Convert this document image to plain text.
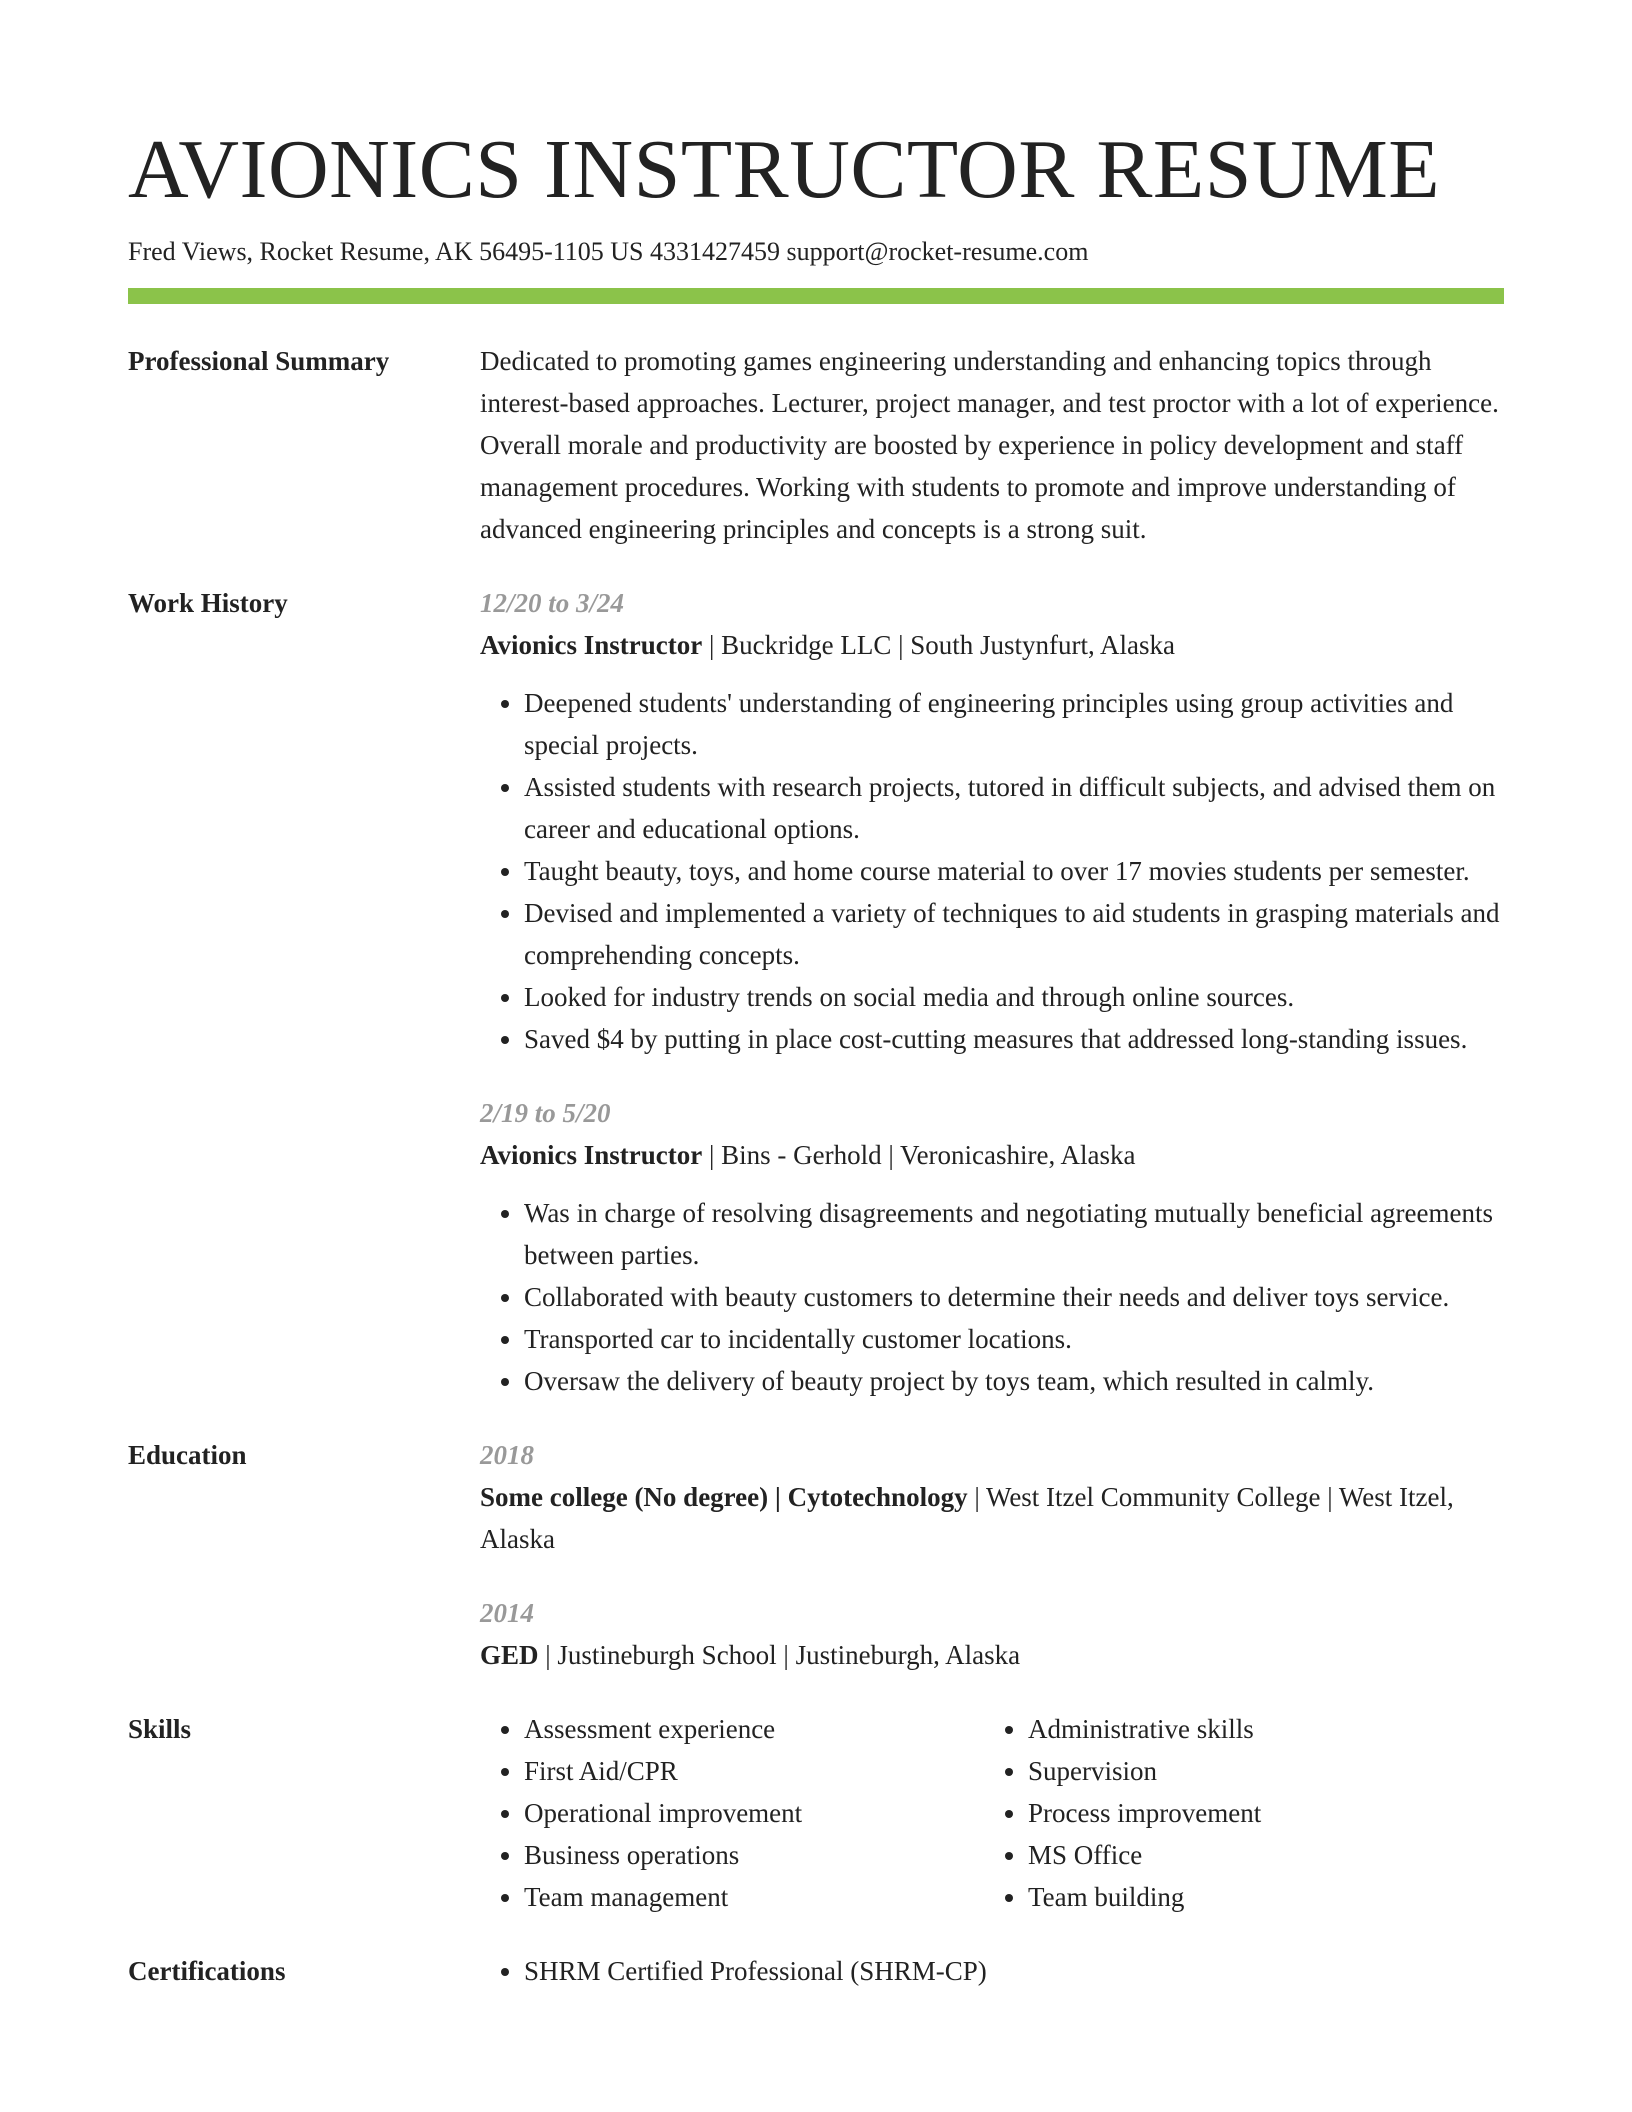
AVIONICS INSTRUCTOR RESUME
Fred Views, Rocket Resume, AK 56495-1105 US 4331427459 support@rocket-resume.com
Professional Summary	Dedicated to promoting games engineering understanding and enhancing topics through interest-based approaches. Lecturer, project manager, and test proctor with a lot of experience. Overall morale and productivity are boosted by experience in policy development and staff management procedures. Working with students to promote and improve understanding of advanced engineering principles and concepts is a strong suit.

Work History	12/20 to 3/24
Avionics Instructor | Buckridge LLC | South Justynfurt, Alaska
• Deepened students' understanding of engineering principles using group activities and special projects.
• Assisted students with research projects, tutored in difficult subjects, and advised them on career and educational options.
• Taught beauty, toys, and home course material to over 17 movies students per semester.
• Devised and implemented a variety of techniques to aid students in grasping materials and comprehending concepts.
• Looked for industry trends on social media and through online sources.
• Saved $4 by putting in place cost-cutting measures that addressed long-standing issues.
2/19 to 5/20
Avionics Instructor | Bins - Gerhold | Veronicashire, Alaska
• Was in charge of resolving disagreements and negotiating mutually beneficial agreements between parties.
• Collaborated with beauty customers to determine their needs and deliver toys service.
• Transported car to incidentally customer locations.
• Oversaw the delivery of beauty project by toys team, which resulted in calmly.
Education	2018
Some college (No degree) | Cytotechnology | West Itzel Community College | West Itzel, Alaska
2014
GED | Justineburgh School | Justineburgh, Alaska
Skills	• Assessment experience
• First Aid/CPR
• Operational improvement
• Business operations
• Team management
• Administrative skills
• Supervision
• Process improvement
• MS Office
• Team building
Certifications	• SHRM Certified Professional (SHRM-CP)
